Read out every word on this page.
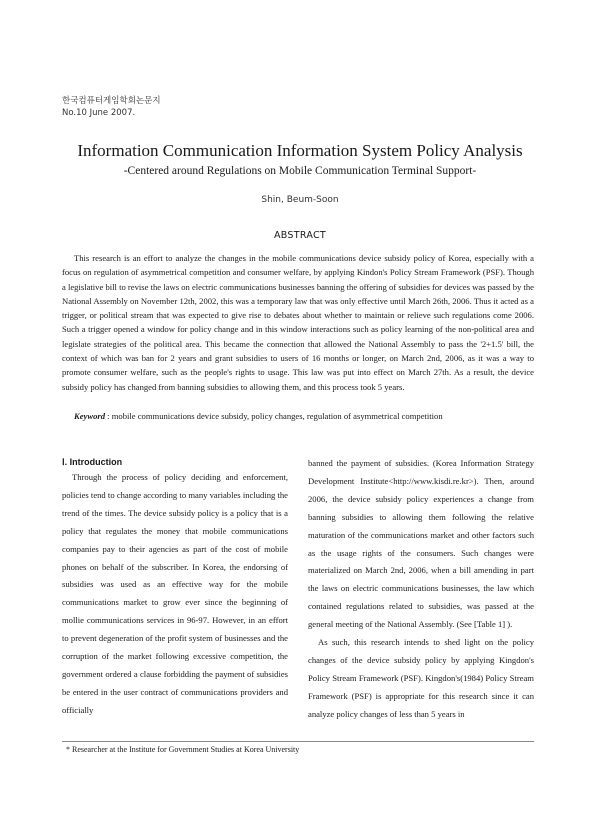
한국컴퓨터게임학회논문지
No.10 June 2007.
Information Communication Information System Policy Analysis
-Centered around Regulations on Mobile Communication Terminal Support-
Shin, Beum-Soon
ABSTRACT

This research is an effort to analyze the changes in the mobile communications device subsidy policy of Korea, especially with a focus on regulation of asymmetrical competition and consumer welfare, by applying Kindon's Policy Stream Framework (PSF). Though a legislative bill to revise the laws on electric communications businesses banning the offering of subsidies for devices was passed by the National Assembly on November 12th, 2002, this was a temporary law that was only effective until March 26th, 2006. Thus it acted as a trigger, or political stream that was expected to give rise to debates about whether to maintain or relieve such regulations come 2006. Such a trigger opened a window for policy change and in this window interactions such as policy learning of the non-political area and legislate strategies of the political area. This became the connection that allowed the National Assembly to pass the '2+1.5' bill, the context of which was ban for 2 years and grant subsidies to users of 16 months or longer, on March 2nd, 2006, as it was a way to promote consumer welfare, such as the people's rights to usage. This law was put into effect on March 27th. As a result, the device subsidy policy has changed from banning subsidies to allowing them, and this process took 5 years.

Keyword : mobile communications device subsidy, policy changes, regulation of asymmetrical competition

Ⅰ. Introduction

Through the process of policy deciding and enforcement, policies tend to change according to many variables including the trend of the times. The device subsidy policy is a policy that is a policy that regulates the money that mobile communications companies pay to their agencies as part of the cost of mobile phones on behalf of the subscriber. In Korea, the endorsing of subsidies was used as an effective way for the mobile communications market to grow ever since the beginning of mollie communications services in 96-97. However, in an effort to prevent degeneration of the profit system of businesses and the corruption of the market following excessive competition, the government ordered a clause forbidding the payment of subsidies be entered in the user contract of communications providers and officially

banned the payment of subsidies. (Korea Information Strategy Development Institute<http://www.kisdi.re.kr>). Then, around 2006, the device subsidy policy experiences a change from banning subsidies to allowing them following the relative maturation of the communications market and other factors such as the usage rights of the consumers. Such changes were materialized on March 2nd, 2006, when a bill amending in part the laws on electric communications businesses, the law which contained regulations related to subsidies, was passed at the general meeting of the National Assembly. (See [Table 1] ).

As such, this research intends to shed light on the policy changes of the device subsidy policy by applying Kingdon's Policy Stream Framework (PSF). Kingdon's(1984) Policy Stream Framework (PSF) is appropriate for this research since it can analyze policy changes of less than 5 years in

* Researcher at the Institute for Government Studies at Korea University
